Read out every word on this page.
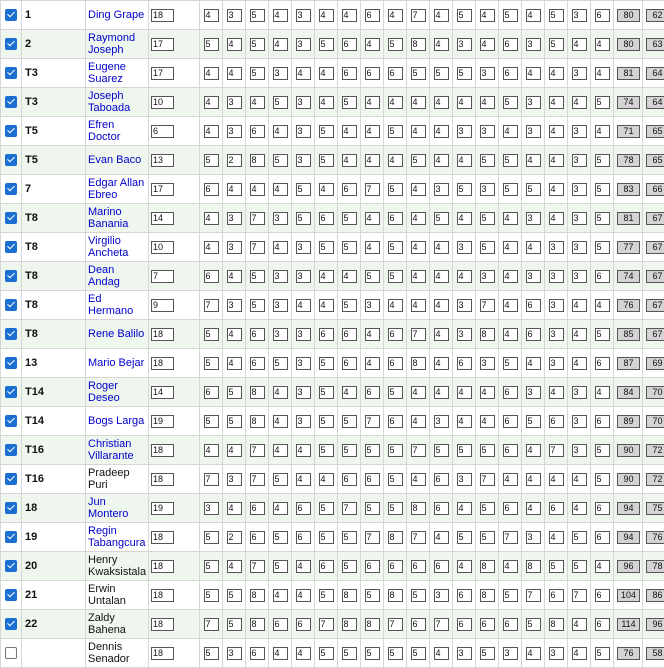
	1	Ding Grape	18	4	3	5	4	3	4	4	6	4	7	4	5	4	5	4	5	3	6	80	62
	2	Raymond
Joseph	17	5	4	5	4	3	5	6	4	5	8	4	3	4	6	3	5	4	4	80	63
	T3	Eugene
Suarez	17	4	4	5	3	4	4	6	6	6	5	5	5	3	6	4	4	3	4	81	64
	T3	Joseph
Taboada	10	4	3	4	5	3	4	5	4	4	4	4	4	4	5	3	4	4	5	74	64
	T5	Efren
Doctor	6	4	3	6	4	3	5	4	4	5	4	4	3	3	4	3	4	3	4	71	65
	T5	Evan Baco	13	5	2	8	5	3	5	4	4	4	5	4	4	5	5	4	4	3	5	78	65
	7	Edgar Allan
Ebreo	17	6	4	4	4	5	4	6	7	5	4	3	5	3	5	5	4	3	5	83	66
	T8	Marino
Banania	14	4	3	7	3	5	6	5	4	6	4	5	4	5	4	3	4	3	5	81	67
	T8	Virgilio
Ancheta	10	4	3	7	4	3	5	5	4	5	4	4	3	5	4	4	3	3	5	77	67
	T8	Dean
Andag	7	6	4	5	3	3	4	4	5	5	4	4	4	3	4	3	3	3	6	74	67
	T8	Ed
Hermano	9	7	3	5	3	4	4	5	3	4	4	4	3	7	4	6	3	4	4	76	67
	T8	Rene Balilo	18	5	4	6	3	3	6	6	4	6	7	4	3	8	4	6	3	4	5	85	67
	13	Mario Bejar	18	5	4	6	5	3	5	6	4	6	8	4	6	3	5	4	3	4	6	87	69
	T14	Roger
Deseo	14	6	5	8	4	3	5	4	6	5	4	4	4	4	6	3	4	3	4	84	70
	T14	Bogs Larga	19	5	5	8	4	3	5	5	7	6	4	3	4	4	6	5	6	3	6	89	70
	T16	Christian
Villarante	18	4	4	7	4	4	5	5	5	5	7	5	5	5	6	4	7	3	5	90	72
	T16	Pradeep
Puri	18	7	3	7	5	4	4	6	6	5	4	6	3	7	4	4	4	4	5	90	72
	18	Jun
Montero	19	3	4	6	4	6	5	7	5	5	8	6	4	5	6	4	6	4	6	94	75
	19	Regin
Tabangcura	18	5	2	6	5	6	5	5	7	8	7	4	5	5	7	3	4	5	6	94	76
	20	Henry
Kwaksistala	18	5	4	7	5	4	6	5	6	6	6	6	4	8	4	8	5	5	4	96	78
	21	Erwin
Untalan	18	5	5	8	4	4	5	8	5	8	5	3	6	8	5	7	6	7	6	104	86
	22	Zaldy
Bahena	18	7	5	8	6	6	7	8	8	7	6	7	6	6	6	5	8	4	6	114	96
		Dennis
Senador	18	5	3	6	4	4	5	5	5	5	5	4	3	5	3	4	3	4	5	76	58
